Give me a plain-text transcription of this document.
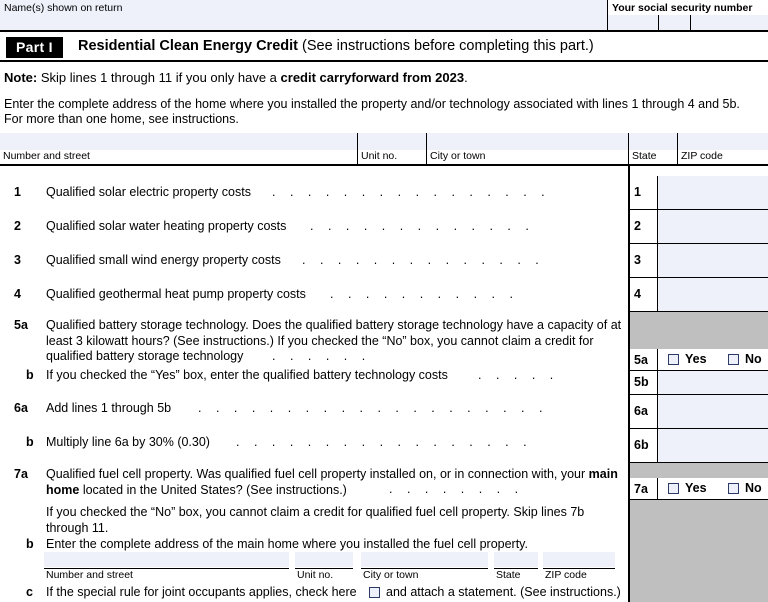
Name(s) shown on return	Your social security number
Part I	Residential Clean Energy Credit (See instructions before completing this part.)
Note: Skip lines 1 through 11 if you only have a credit carryforward from 2023.
Enter the complete address of the home where you installed the property and/or technology associated with lines 1 through 4 and 5b.
For more than one home, see instructions.
Number and street	Unit no.	City or town	State ZIP code
1 Qualified solar electric property costs . . . . . . . . . . . . . . . .	1
2 Qualified solar water heating property costs . . . . . . . . . . . . .	2
3 Qualified small wind energy property costs . . . . . . . . . . . . . .	3
4 Qualified geothermal heat pump property costs . . . . . . . . . . .	4
5a Qualified battery storage technology. Does the qualified battery storage technology have a capacity of at least 3 kilowatt hours? (See instructions.) If you checked the “No” box, you cannot claim a credit for qualified battery storage technology	. . . . . .	5a	Yes	No
b If you checked the “Yes” box, enter the qualified battery technology costs . . . . .	5b
6a Add lines 1 through 5b . . . . . . . . . . . . . . . . . . . .	6a
b Multiply line 6a by 30% (0.30) . . . . . . . . . . . . . . . . .	6b
7a Qualified fuel cell property. Was qualified fuel cell property installed on, or in connection with, your main home located in the United States? (See instructions.)	. . . . . . . .	7a	Yes	No
If you checked the “No” box, you cannot claim a credit for qualified fuel cell property. Skip lines 7b through 11.
b Enter the complete address of the main home where you installed the fuel cell property.
Number and street	Unit no.	City or town	State ZIP code
c If the special rule for joint occupants applies, check here and attach a statement. (See instructions.)
